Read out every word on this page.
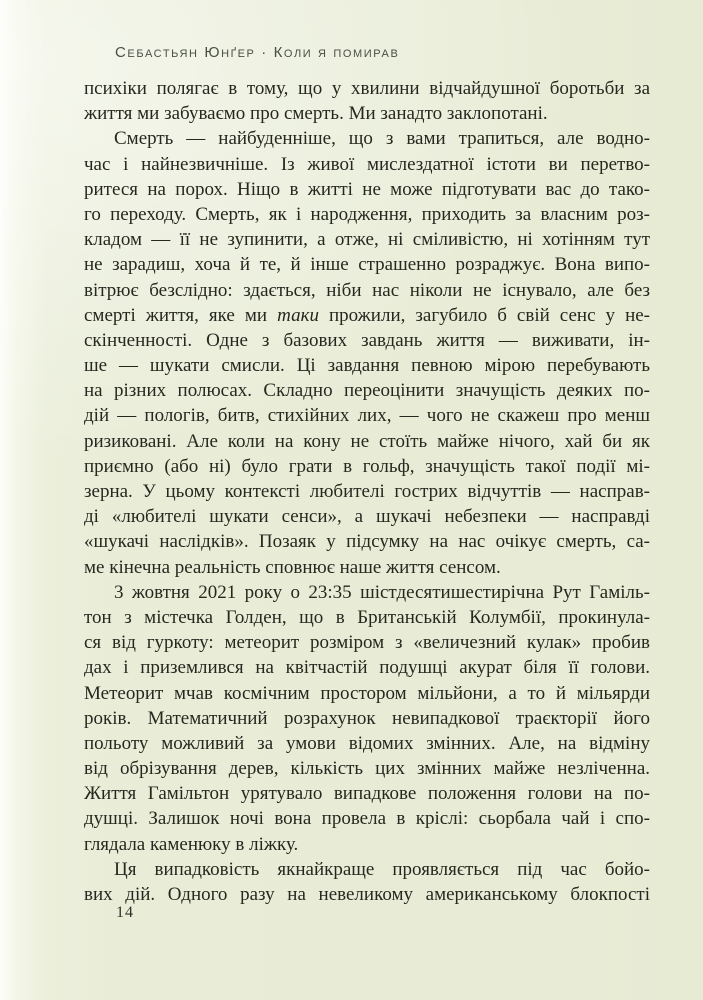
Себастьян Юнґер · Коли я помирав
психіки полягає в тому, що у хвилини відчайдушної боротьби за
життя ми забуваємо про смерть. Ми занадто заклопотані.
Смерть — найбуденніше, що з вами трапиться, але водно-
час і найнезвичніше. Із живої мислездатної істоти ви перетво-
ритеся на порох. Ніщо в житті не може підготувати вас до тако-
го переходу. Смерть, як і народження, приходить за власним роз-
кладом — її не зупинити, а отже, ні сміливістю, ні хотінням тут
не зарадиш, хоча й те, й інше страшенно розраджує. Вона випо-
вітрює безслідно: здається, ніби нас ніколи не існувало, але без
смерті життя, яке ми таки прожили, загубило б свій сенс у не-
скінченності. Одне з базових завдань життя — виживати, ін-
ше — шукати смисли. Ці завдання певною мірою перебувають
на різних полюсах. Складно переоцінити значущість деяких по-
дій — пологів, битв, стихійних лих, — чого не скажеш про менш
ризиковані. Але коли на кону не стоїть майже нічого, хай би як
приємно (або ні) було грати в гольф, значущість такої події мі-
зерна. У цьому контексті любителі гострих відчуттів — насправ-
ді «любителі шукати сенси», а шукачі небезпеки — насправді
«шукачі наслідків». Позаяк у підсумку на нас очікує смерть, са-
ме кінечна реальність сповнює наше життя сенсом.
3 жовтня 2021 року о 23:35 шістдесятишестирічна Рут Гаміль-
тон з містечка Голден, що в Британській Колумбії, прокинула-
ся від гуркоту: метеорит розміром з «величезний кулак» пробив
дах і приземлився на квітчастій подушці акурат біля її голови.
Метеорит мчав космічним простором мільйони, а то й мільярди
років. Математичний розрахунок невипадкової траєкторії його
польоту можливий за умови відомих змінних. Але, на відміну
від обрізування дерев, кількість цих змінних майже незліченна.
Життя Гамільтон урятувало випадкове положення голови на по-
душці. Залишок ночі вона провела в кріслі: сьорбала чай і спо-
глядала каменюку в ліжку.
Ця випадковість якнайкраще проявляється під час бойо-
вих дій. Одного разу на невеликому американському блокпості
14
